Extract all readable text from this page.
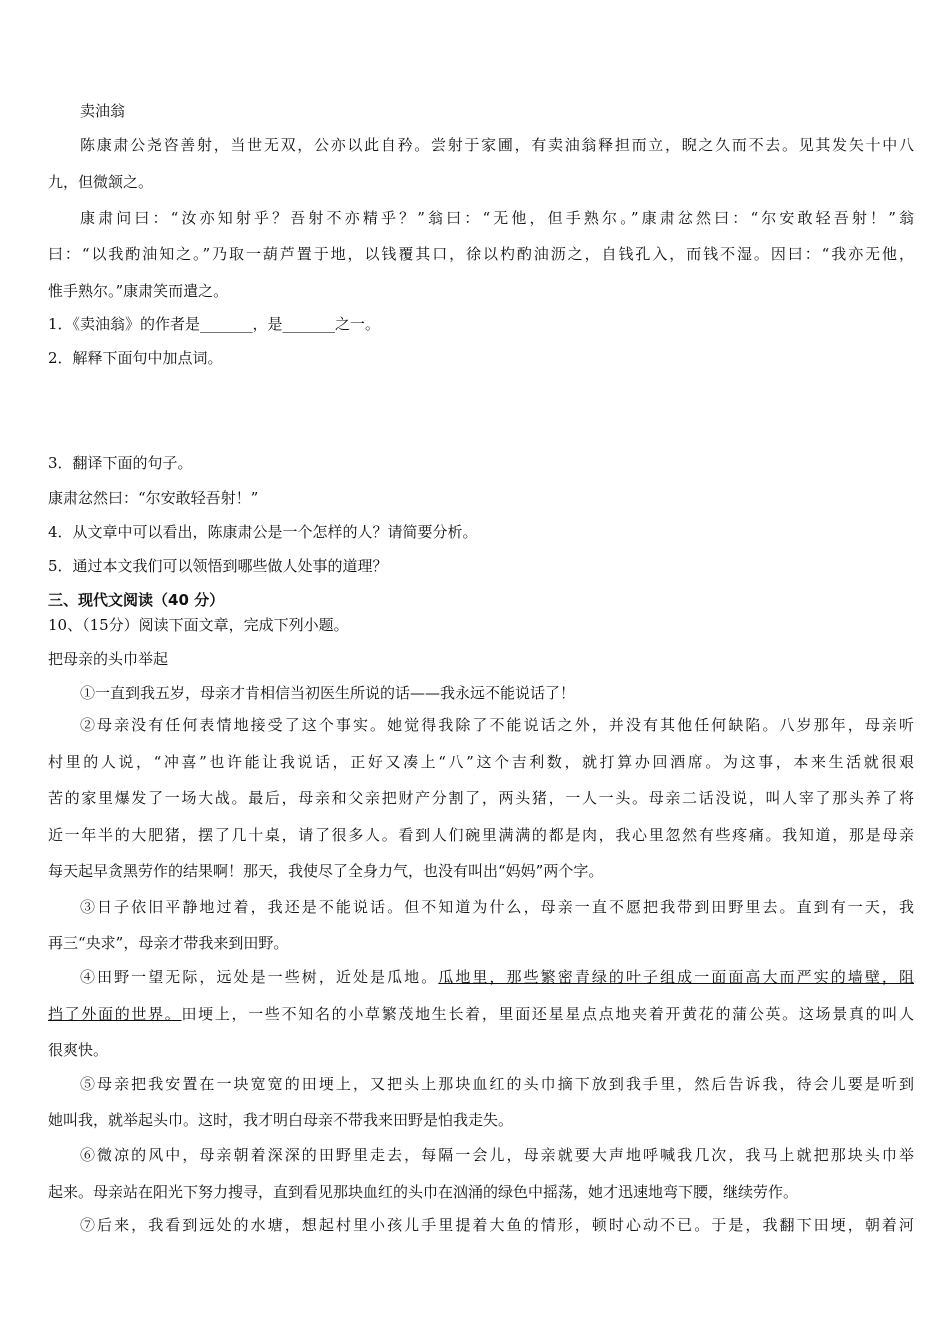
卖油翁
陈康肃公尧咨善射，当世无双，公亦以此自矜。尝射于家圃，有卖油翁释担而立，睨之久而不去。见其发矢十中八
九，但微颔之。
康肃问曰：“汝亦知射乎？吾射不亦精乎？”翁曰：“无他，但手熟尔。”康肃忿然曰：“尔安敢轻吾射！”翁
曰：“以我酌油知之。”乃取一葫芦置于地，以钱覆其口，徐以杓酌油沥之，自钱孔入，而钱不湿。因曰：“我亦无他，
惟手熟尔。”康肃笑而遣之。
1．《卖油翁》的作者是_______，是_______之一。
2．解释下面句中加点词。
3．翻译下面的句子。
康肃忿然曰：“尔安敢轻吾射！”
4．从文章中可以看出，陈康肃公是一个怎样的人？请简要分析。
5．通过本文我们可以领悟到哪些做人处事的道理？
三、现代文阅读（40 分）
10、（15分）阅读下面文章，完成下列小题。
把母亲的头巾举起
①一直到我五岁，母亲才肯相信当初医生所说的话——我永远不能说话了！
②母亲没有任何表情地接受了这个事实。她觉得我除了不能说话之外，并没有其他任何缺陷。八岁那年，母亲听
村里的人说，“冲喜”也许能让我说话，正好又凑上“八”这个吉利数，就打算办回酒席。为这事，本来生活就很艰
苦的家里爆发了一场大战。最后，母亲和父亲把财产分割了，两头猪，一人一头。母亲二话没说，叫人宰了那头养了将
近一年半的大肥猪，摆了几十桌，请了很多人。看到人们碗里满满的都是肉，我心里忽然有些疼痛。我知道，那是母亲
每天起早贪黑劳作的结果啊！那天，我使尽了全身力气，也没有叫出“妈妈”两个字。
③日子依旧平静地过着，我还是不能说话。但不知道为什么，母亲一直不愿把我带到田野里去。直到有一天，我
再三“央求”，母亲才带我来到田野。
④田野一望无际，远处是一些树，近处是瓜地。瓜地里，那些繁密青绿的叶子组成一面面高大而严实的墙壁，阻
挡了外面的世界。田埂上，一些不知名的小草繁茂地生长着，里面还星星点点地夹着开黄花的蒲公英。这场景真的叫人
很爽快。
⑤母亲把我安置在一块宽宽的田埂上，又把头上那块血红的头巾摘下放到我手里，然后告诉我，待会儿要是听到
她叫我，就举起头巾。这时，我才明白母亲不带我来田野是怕我走失。
⑥微凉的风中，母亲朝着深深的田野里走去，每隔一会儿，母亲就要大声地呼喊我几次，我马上就把那块头巾举
起来。母亲站在阳光下努力搜寻，直到看见那块血红的头巾在汹涌的绿色中摇荡，她才迅速地弯下腰，继续劳作。
⑦后来，我看到远处的水塘，想起村里小孩儿手里提着大鱼的情形，顿时心动不已。于是，我翻下田埂，朝着河
